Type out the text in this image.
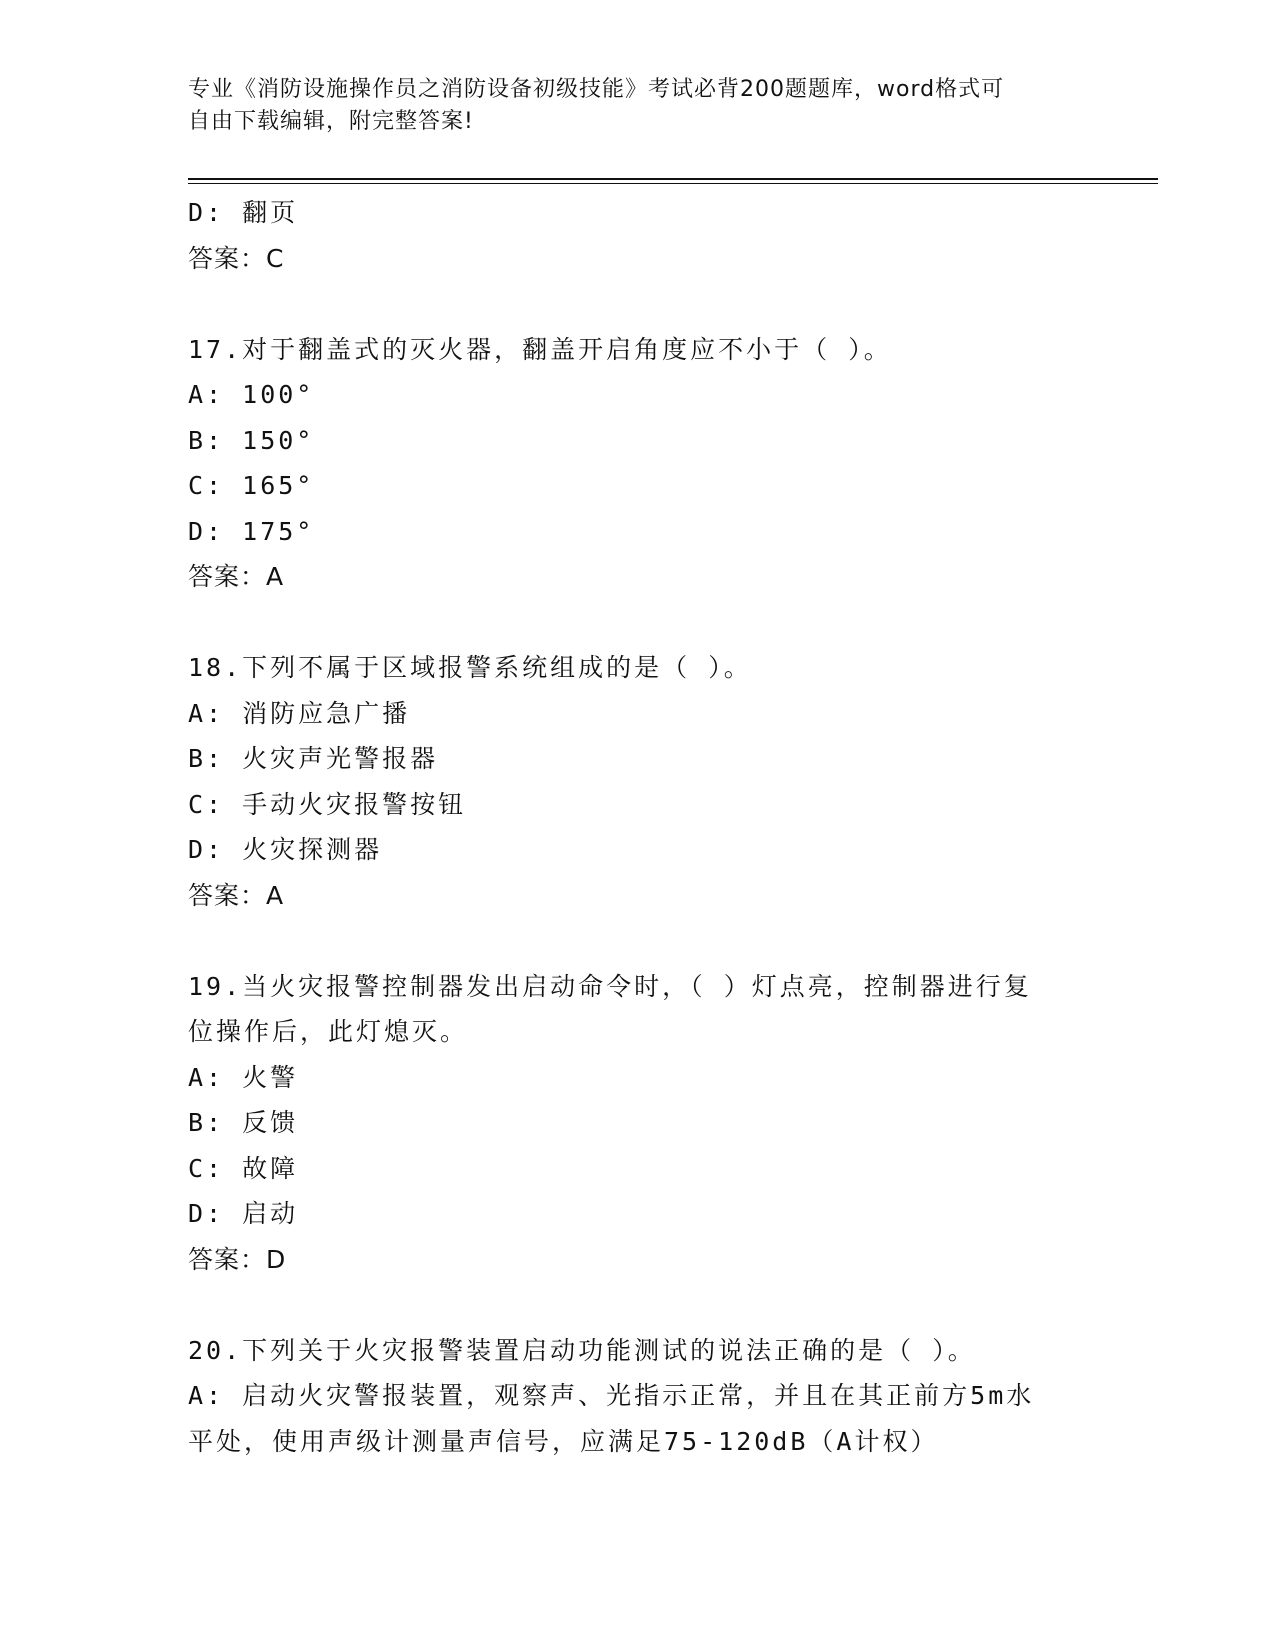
专业《消防设施操作员之消防设备初级技能》考试必背200题题库，word格式可
自由下载编辑，附完整答案!
D: 翻页
答案：C
17.对于翻盖式的灭火器，翻盖开启角度应不小于（ ）。
A: 100°
B: 150°
C: 165°
D: 175°
答案：A
18.下列不属于区域报警系统组成的是（ ）。
A: 消防应急广播
B: 火灾声光警报器
C: 手动火灾报警按钮
D: 火灾探测器
答案：A
19.当火灾报警控制器发出启动命令时，（ ）灯点亮，控制器进行复
位操作后，此灯熄灭。
A: 火警
B: 反馈
C: 故障
D: 启动
答案：D
20.下列关于火灾报警装置启动功能测试的说法正确的是（ ）。
A: 启动火灾警报装置，观察声、光指示正常，并且在其正前方5m水
平处，使用声级计测量声信号，应满足75-120dB（A计权）
